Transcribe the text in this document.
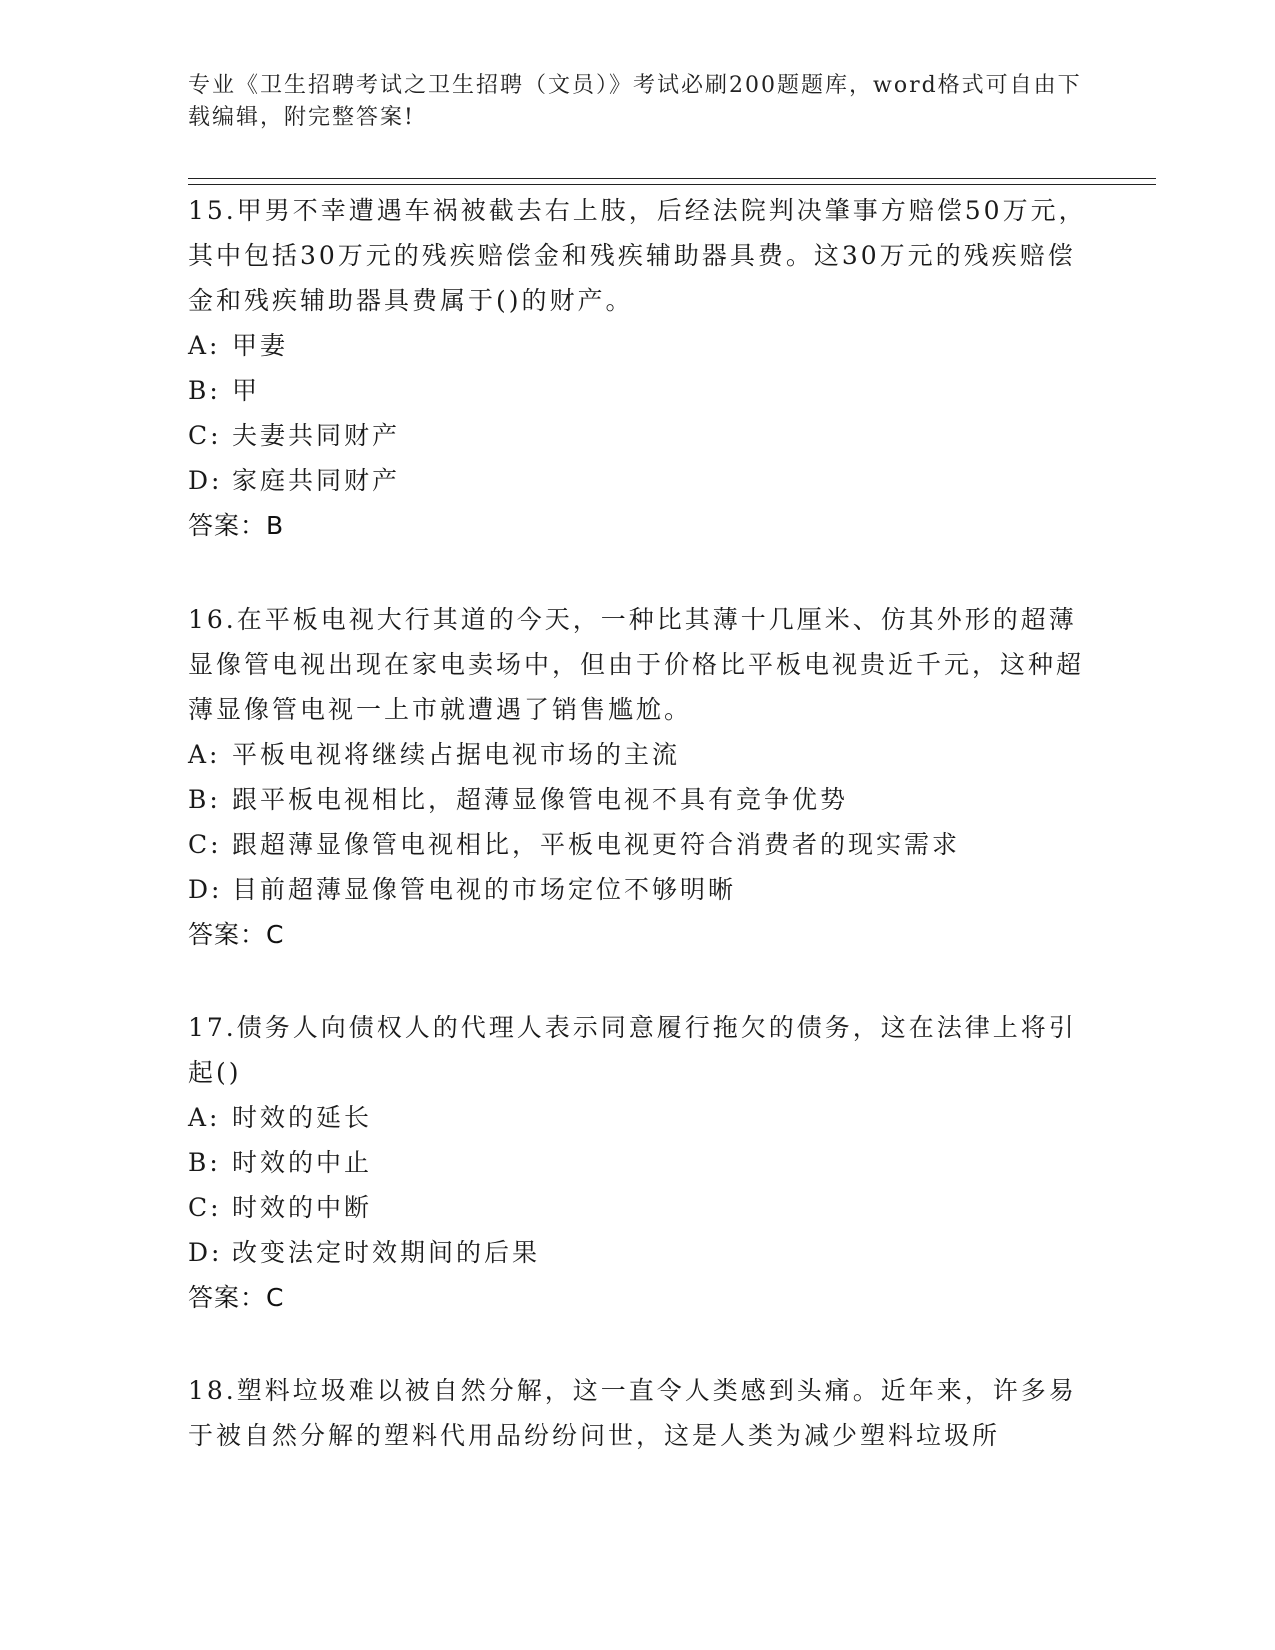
专业《卫生招聘考试之卫生招聘（文员）》考试必刷200题题库，word格式可自由下载编辑，附完整答案!

15.甲男不幸遭遇车祸被截去右上肢，后经法院判决肇事方赔偿50万元，其中包括30万元的残疾赔偿金和残疾辅助器具费。这30万元的残疾赔偿金和残疾辅助器具费属于()的财产。

A: 甲妻

B: 甲

C: 夫妻共同财产

D: 家庭共同财产

答案：B

16.在平板电视大行其道的今天，一种比其薄十几厘米、仿其外形的超薄显像管电视出现在家电卖场中，但由于价格比平板电视贵近千元，这种超薄显像管电视一上市就遭遇了销售尴尬。

A: 平板电视将继续占据电视市场的主流

B: 跟平板电视相比，超薄显像管电视不具有竞争优势

C: 跟超薄显像管电视相比，平板电视更符合消费者的现实需求

D: 目前超薄显像管电视的市场定位不够明晰

答案：C

17.债务人向债权人的代理人表示同意履行拖欠的债务，这在法律上将引起()

A: 时效的延长

B: 时效的中止

C: 时效的中断

D: 改变法定时效期间的后果

答案：C

18.塑料垃圾难以被自然分解，这一直令人类感到头痛。近年来，许多易于被自然分解的塑料代用品纷纷问世，这是人类为减少塑料垃圾所
